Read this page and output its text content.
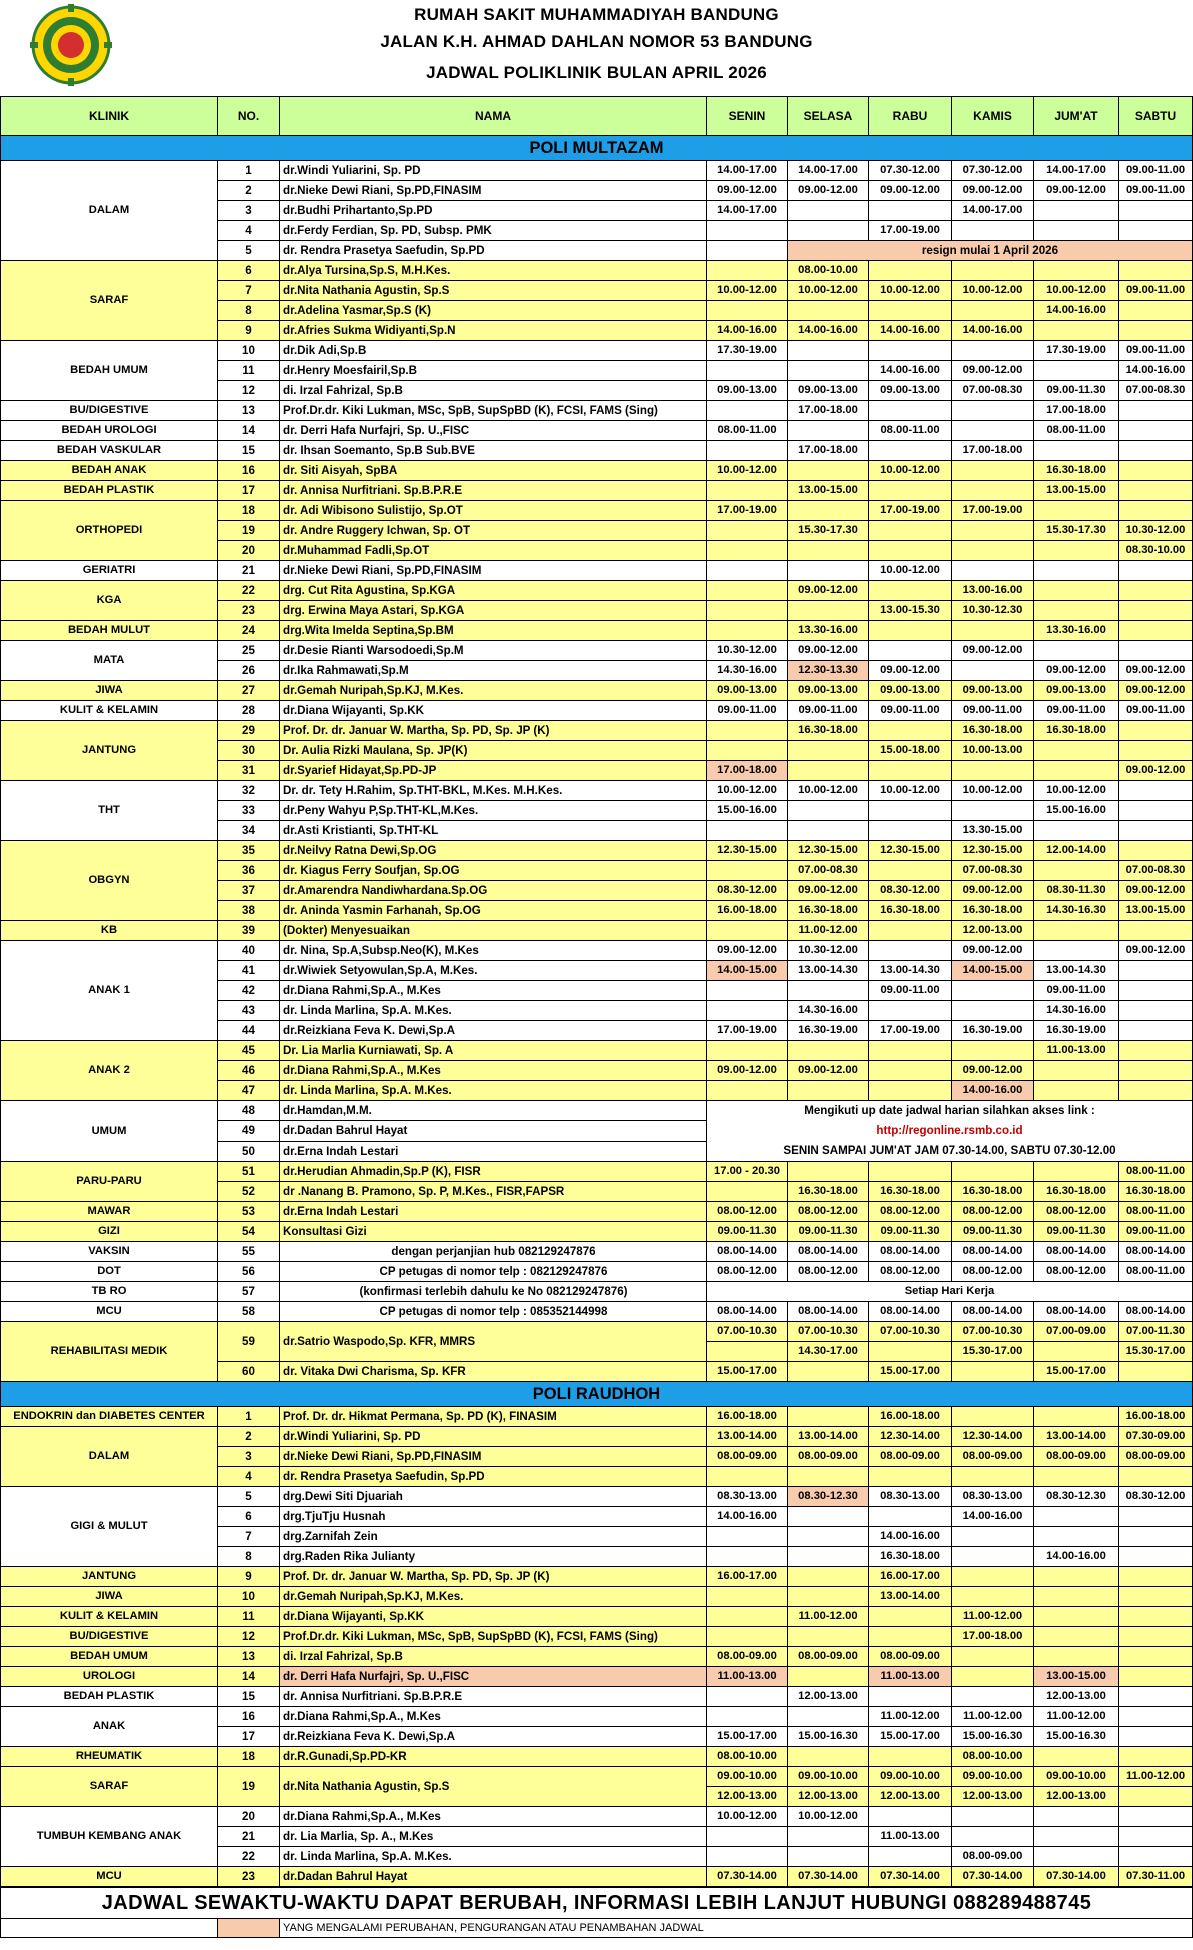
RUMAH SAKIT MUHAMMADIYAH BANDUNG
JALAN K.H. AHMAD DAHLAN NOMOR 53 BANDUNG
JADWAL POLIKLINIK BULAN APRIL 2026
KLINIK	NO.	NAMA	SENIN	SELASA	RABU	KAMIS	JUM'AT	SABTU
POLI MULTAZAM								
DALAM	1	dr.Windi Yuliarini, Sp. PD	14.00-17.00	14.00-17.00	07.30-12.00	07.30-12.00	14.00-17.00	09.00-11.00
	2	dr.Nieke Dewi Riani, Sp.PD,FINASIM	09.00-12.00	09.00-12.00	09.00-12.00	09.00-12.00	09.00-12.00	09.00-11.00
	3	dr.Budhi Prihartanto,Sp.PD	14.00-17.00			14.00-17.00		
	4	dr.Ferdy Ferdian, Sp. PD, Subsp. PMK			17.00-19.00			
	5	dr. Rendra Prasetya Saefudin, Sp.PD		resign mulai 1 April 2026				
SARAF	6	dr.Alya Tursina,Sp.S, M.H.Kes.		08.00-10.00				
	7	dr.Nita Nathania Agustin, Sp.S	10.00-12.00	10.00-12.00	10.00-12.00	10.00-12.00	10.00-12.00	09.00-11.00
	8	dr.Adelina Yasmar,Sp.S (K)					14.00-16.00	
	9	dr.Afries Sukma Widiyanti,Sp.N	14.00-16.00	14.00-16.00	14.00-16.00	14.00-16.00		
BEDAH UMUM	10	dr.Dik Adi,Sp.B	17.30-19.00				17.30-19.00	09.00-11.00
	11	dr.Henry Moesfairil,Sp.B			14.00-16.00	09.00-12.00		14.00-16.00
	12	di. Irzal Fahrizal, Sp.B	09.00-13.00	09.00-13.00	09.00-13.00	07.00-08.30	09.00-11.30	07.00-08.30
BU/DIGESTIVE	13	Prof.Dr.dr. Kiki Lukman, MSc, SpB, SupSpBD (K), FCSI, FAMS (Sing)		17.00-18.00			17.00-18.00	
BEDAH UROLOGI	14	dr. Derri Hafa Nurfajri, Sp. U.,FISC	08.00-11.00		08.00-11.00		08.00-11.00	
BEDAH VASKULAR	15	dr. Ihsan Soemanto, Sp.B Sub.BVE		17.00-18.00		17.00-18.00		
BEDAH ANAK	16	dr. Siti Aisyah, SpBA	10.00-12.00		10.00-12.00		16.30-18.00	
BEDAH PLASTIK	17	dr. Annisa Nurfitriani. Sp.B.P.R.E		13.00-15.00			13.00-15.00	
ORTHOPEDI	18	dr. Adi Wibisono Sulistijo, Sp.OT	17.00-19.00		17.00-19.00	17.00-19.00		
	19	dr. Andre Ruggery Ichwan, Sp. OT		15.30-17.30			15.30-17.30	10.30-12.00
	20	dr.Muhammad Fadli,Sp.OT						08.30-10.00
GERIATRI	21	dr.Nieke Dewi Riani, Sp.PD,FINASIM			10.00-12.00			
KGA	22	drg. Cut Rita Agustina, Sp.KGA		09.00-12.00		13.00-16.00		
	23	drg. Erwina Maya Astari, Sp.KGA			13.00-15.30	10.30-12.30		
BEDAH MULUT	24	drg.Wita Imelda Septina,Sp.BM		13.30-16.00			13.30-16.00	
MATA	25	dr.Desie Rianti Warsodoedi,Sp.M	10.30-12.00	09.00-12.00		09.00-12.00		
	26	dr.Ika Rahmawati,Sp.M	14.30-16.00	12.30-13.30	09.00-12.00		09.00-12.00	09.00-12.00
JIWA	27	dr.Gemah Nuripah,Sp.KJ, M.Kes.	09.00-13.00	09.00-13.00	09.00-13.00	09.00-13.00	09.00-13.00	09.00-12.00
KULIT & KELAMIN	28	dr.Diana Wijayanti, Sp.KK	09.00-11.00	09.00-11.00	09.00-11.00	09.00-11.00	09.00-11.00	09.00-11.00
JANTUNG	29	Prof. Dr. dr. Januar W. Martha, Sp. PD, Sp. JP (K)		16.30-18.00		16.30-18.00	16.30-18.00	
	30	Dr. Aulia Rizki Maulana, Sp. JP(K)			15.00-18.00	10.00-13.00		
	31	dr.Syarief Hidayat,Sp.PD-JP	17.00-18.00					09.00-12.00
THT	32	Dr. dr. Tety H.Rahim, Sp.THT-BKL, M.Kes. M.H.Kes.	10.00-12.00	10.00-12.00	10.00-12.00	10.00-12.00	10.00-12.00	
	33	dr.Peny Wahyu P,Sp.THT-KL,M.Kes.	15.00-16.00				15.00-16.00	
	34	dr.Asti Kristianti, Sp.THT-KL				13.30-15.00		
OBGYN	35	dr.Neilvy Ratna Dewi,Sp.OG	12.30-15.00	12.30-15.00	12.30-15.00	12.30-15.00	12.00-14.00	
	36	dr. Kiagus Ferry Soufjan, Sp.OG		07.00-08.30		07.00-08.30		07.00-08.30
	37	dr.Amarendra Nandiwhardana.Sp.OG	08.30-12.00	09.00-12.00	08.30-12.00	09.00-12.00	08.30-11.30	09.00-12.00
	38	dr. Aninda Yasmin Farhanah, Sp.OG	16.00-18.00	16.30-18.00	16.30-18.00	16.30-18.00	14.30-16.30	13.00-15.00
KB	39	(Dokter) Menyesuaikan		11.00-12.00		12.00-13.00		
ANAK 1	40	dr. Nina, Sp.A,Subsp.Neo(K), M.Kes	09.00-12.00	10.30-12.00		09.00-12.00		09.00-12.00
	41	dr.Wiwiek Setyowulan,Sp.A, M.Kes.	14.00-15.00	13.00-14.30	13.00-14.30	14.00-15.00	13.00-14.30	
	42	dr.Diana Rahmi,Sp.A., M.Kes			09.00-11.00		09.00-11.00	
	43	dr. Linda Marlina, Sp.A. M.Kes.		14.30-16.00			14.30-16.00	
	44	dr.Reizkiana Feva K. Dewi,Sp.A	17.00-19.00	16.30-19.00	17.00-19.00	16.30-19.00	16.30-19.00	
ANAK 2	45	Dr. Lia Marlia Kurniawati, Sp. A					11.00-13.00	
	46	dr.Diana Rahmi,Sp.A., M.Kes	09.00-12.00	09.00-12.00		09.00-12.00		
	47	dr. Linda Marlina, Sp.A. M.Kes.				14.00-16.00		
UMUM	48	dr.Hamdan,M.M.	Mengikuti up date jadwal harian silahkan akses link :
http://regonline.rsmb.co.id
SENIN SAMPAI JUM'AT JAM 07.30-14.00, SABTU 07.30-12.00					

	49	dr.Dadan Bahrul Hayat						
	50	dr.Erna Indah Lestari						
PARU-PARU	51	dr.Herudian Ahmadin,Sp.P (K), FISR	17.00 - 20.30					08.00-11.00
	52	dr .Nanang B. Pramono, Sp. P, M.Kes., FISR,FAPSR		16.30-18.00	16.30-18.00	16.30-18.00	16.30-18.00	16.30-18.00
MAWAR	53	dr.Erna Indah Lestari	08.00-12.00	08.00-12.00	08.00-12.00	08.00-12.00	08.00-12.00	08.00-11.00
GIZI	54	Konsultasi Gizi	09.00-11.30	09.00-11.30	09.00-11.30	09.00-11.30	09.00-11.30	09.00-11.00
VAKSIN	55	dengan perjanjian hub 082129247876	08.00-14.00	08.00-14.00	08.00-14.00	08.00-14.00	08.00-14.00	08.00-14.00
DOT	56	CP petugas di nomor telp : 082129247876	08.00-12.00	08.00-12.00	08.00-12.00	08.00-12.00	08.00-12.00	08.00-11.00
TB RO	57	(konfirmasi terlebih dahulu ke No 082129247876)	Setiap Hari Kerja					
MCU	58	CP petugas di nomor telp : 085352144998	08.00-14.00	08.00-14.00	08.00-14.00	08.00-14.00	08.00-14.00	08.00-14.00
REHABILITASI MEDIK	59	dr.Satrio Waspodo,Sp. KFR, MMRS	07.00-10.30	07.00-10.30	07.00-10.30	07.00-10.30	07.00-09.00	07.00-11.30
				14.30-17.00		15.30-17.00		15.30-17.00
	60	dr. Vitaka Dwi Charisma, Sp. KFR	15.00-17.00		15.00-17.00		15.00-17.00	
POLI RAUDHOH								
ENDOKRIN dan DIABETES CENTER	1	Prof. Dr. dr. Hikmat Permana, Sp. PD (K), FINASIM	16.00-18.00		16.00-18.00			16.00-18.00
DALAM	2	dr.Windi Yuliarini, Sp. PD	13.00-14.00	13.00-14.00	12.30-14.00	12.30-14.00	13.00-14.00	07.30-09.00
	3	dr.Nieke Dewi Riani, Sp.PD,FINASIM	08.00-09.00	08.00-09.00	08.00-09.00	08.00-09.00	08.00-09.00	08.00-09.00
	4	dr. Rendra Prasetya Saefudin, Sp.PD						
GIGI & MULUT	5	drg.Dewi Siti Djuariah	08.30-13.00	08.30-12.30	08.30-13.00	08.30-13.00	08.30-12.30	08.30-12.00
	6	drg.TjuTju Husnah	14.00-16.00			14.00-16.00		
	7	drg.Zarnifah Zein			14.00-16.00			
	8	drg.Raden Rika Julianty			16.30-18.00		14.00-16.00	
JANTUNG	9	Prof. Dr. dr. Januar W. Martha, Sp. PD, Sp. JP (K)	16.00-17.00		16.00-17.00			
JIWA	10	dr.Gemah Nuripah,Sp.KJ, M.Kes.			13.00-14.00			
KULIT & KELAMIN	11	dr.Diana Wijayanti, Sp.KK		11.00-12.00		11.00-12.00		
BU/DIGESTIVE	12	Prof.Dr.dr. Kiki Lukman, MSc, SpB, SupSpBD (K), FCSI, FAMS (Sing)				17.00-18.00		
BEDAH UMUM	13	di. Irzal Fahrizal, Sp.B	08.00-09.00	08.00-09.00	08.00-09.00			
UROLOGI	14	dr. Derri Hafa Nurfajri, Sp. U.,FISC	11.00-13.00		11.00-13.00		13.00-15.00	
BEDAH PLASTIK	15	dr. Annisa Nurfitriani. Sp.B.P.R.E		12.00-13.00			12.00-13.00	
ANAK	16	dr.Diana Rahmi,Sp.A., M.Kes			11.00-12.00	11.00-12.00	11.00-12.00	
	17	dr.Reizkiana Feva K. Dewi,Sp.A	15.00-17.00	15.00-16.30	15.00-17.00	15.00-16.30	15.00-16.30	
RHEUMATIK	18	dr.R.Gunadi,Sp.PD-KR	08.00-10.00			08.00-10.00		
SARAF	19	dr.Nita Nathania Agustin, Sp.S	09.00-10.00	09.00-10.00	09.00-10.00	09.00-10.00	09.00-10.00	11.00-12.00
			12.00-13.00	12.00-13.00	12.00-13.00	12.00-13.00	12.00-13.00	
TUMBUH KEMBANG ANAK	20	dr.Diana Rahmi,Sp.A., M.Kes	10.00-12.00	10.00-12.00				
	21	dr. Lia Marlia, Sp. A., M.Kes			11.00-13.00			
	22	dr. Linda Marlina, Sp.A. M.Kes.				08.00-09.00		
MCU	23	dr.Dadan Bahrul Hayat	07.30-14.00	07.30-14.00	07.30-14.00	07.30-14.00	07.30-14.00	07.30-11.00
JADWAL SEWAKTU-WAKTU DAPAT BERUBAH, INFORMASI LEBIH LANJUT HUBUNGI 088289488745								
		YANG MENGALAMI PERUBAHAN, PENGURANGAN ATAU PENAMBAHAN JADWAL						
